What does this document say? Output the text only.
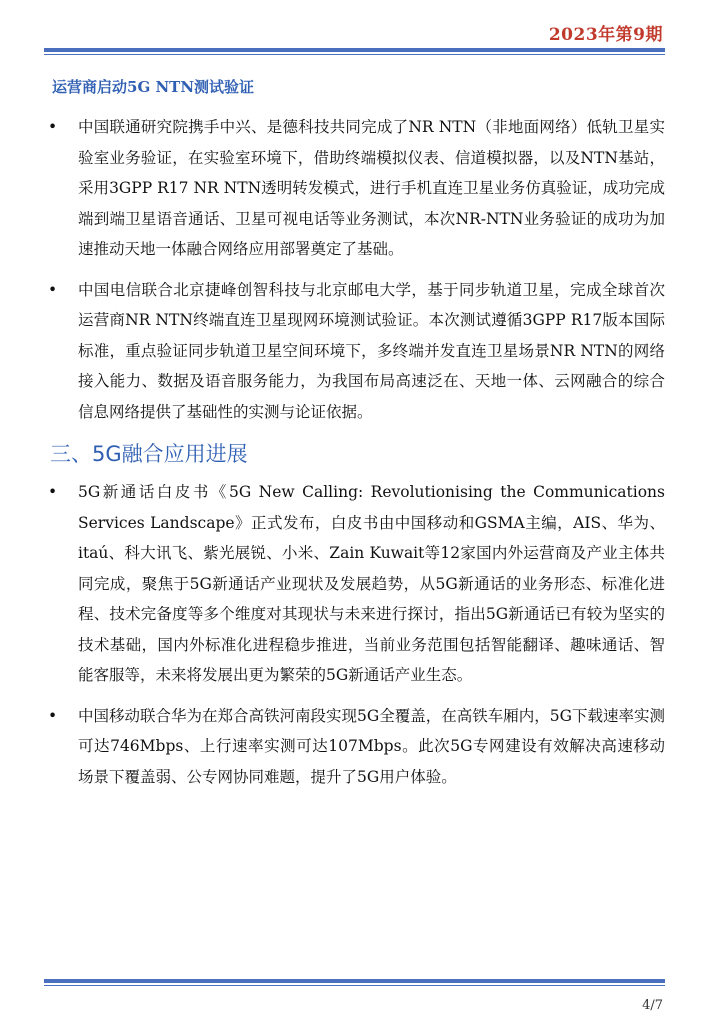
2023年第9期
运营商启动5G NTN测试验证
• 中国联通研究院携手中兴、是德科技共同完成了NR NTN（非地面网络）低轨卫星实验室业务验证，在实验室环境下，借助终端模拟仪表、信道模拟器，以及NTN基站，采用3GPP R17 NR NTN透明转发模式，进行手机直连卫星业务仿真验证，成功完成端到端卫星语音通话、卫星可视电话等业务测试，本次NR-NTN业务验证的成功为加速推动天地一体融合网络应用部署奠定了基础。
• 中国电信联合北京捷峰创智科技与北京邮电大学，基于同步轨道卫星，完成全球首次运营商NR NTN终端直连卫星现网环境测试验证。本次测试遵循3GPP R17版本国际标准，重点验证同步轨道卫星空间环境下，多终端并发直连卫星场景NR NTN的网络接入能力、数据及语音服务能力，为我国布局高速泛在、天地一体、云网融合的综合信息网络提供了基础性的实测与论证依据。
三、5G融合应用进展
• 5G新通话白皮书《5G New Calling: Revolutionising the Communications Services Landscape》正式发布，白皮书由中国移动和GSMA主编，AIS、华为、itaú、科大讯飞、紫光展锐、小米、Zain Kuwait等12家国内外运营商及产业主体共同完成，聚焦于5G新通话产业现状及发展趋势，从5G新通话的业务形态、标准化进程、技术完备度等多个维度对其现状与未来进行探讨，指出5G新通话已有较为坚实的技术基础，国内外标准化进程稳步推进，当前业务范围包括智能翻译、趣味通话、智能客服等，未来将发展出更为繁荣的5G新通话产业生态。
• 中国移动联合华为在郑合高铁河南段实现5G全覆盖，在高铁车厢内，5G下载速率实测可达746Mbps、上行速率实测可达107Mbps。此次5G专网建设有效解决高速移动场景下覆盖弱、公专网协同难题，提升了5G用户体验。
4/7
